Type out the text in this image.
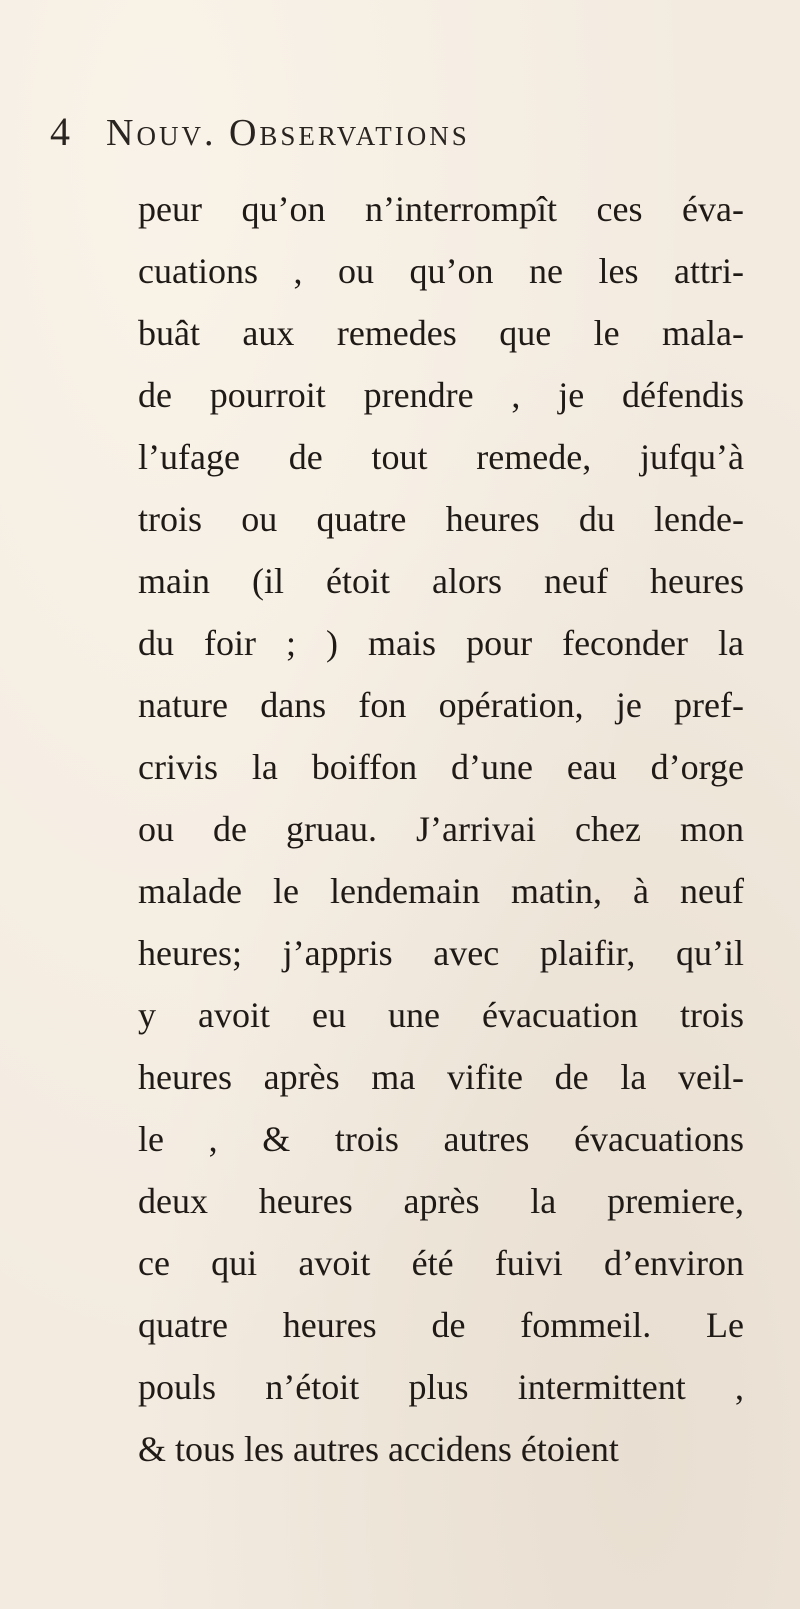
4 Nouv. Observations
peur qu’on n’interrompît ces éva-
cuations , ou qu’on ne les attri-
buât aux remedes que le mala-
de pourroit prendre , je défendis
l’ufage de tout remede, jufqu’à
trois ou quatre heures du lende-
main (il étoit alors neuf heures
du foir ; ) mais pour feconder la
nature dans fon opération, je pref-
crivis la boiffon d’une eau d’orge
ou de gruau. J’arrivai chez mon
malade le lendemain matin, à neuf
heures; j’appris avec plaifir, qu’il
y avoit eu une évacuation trois
heures après ma vifite de la veil-
le , & trois autres évacuations
deux heures après la premiere,
ce qui avoit été fuivi d’environ
quatre heures de fommeil. Le
pouls n’étoit plus intermittent ,
& tous les autres accidens étoient
